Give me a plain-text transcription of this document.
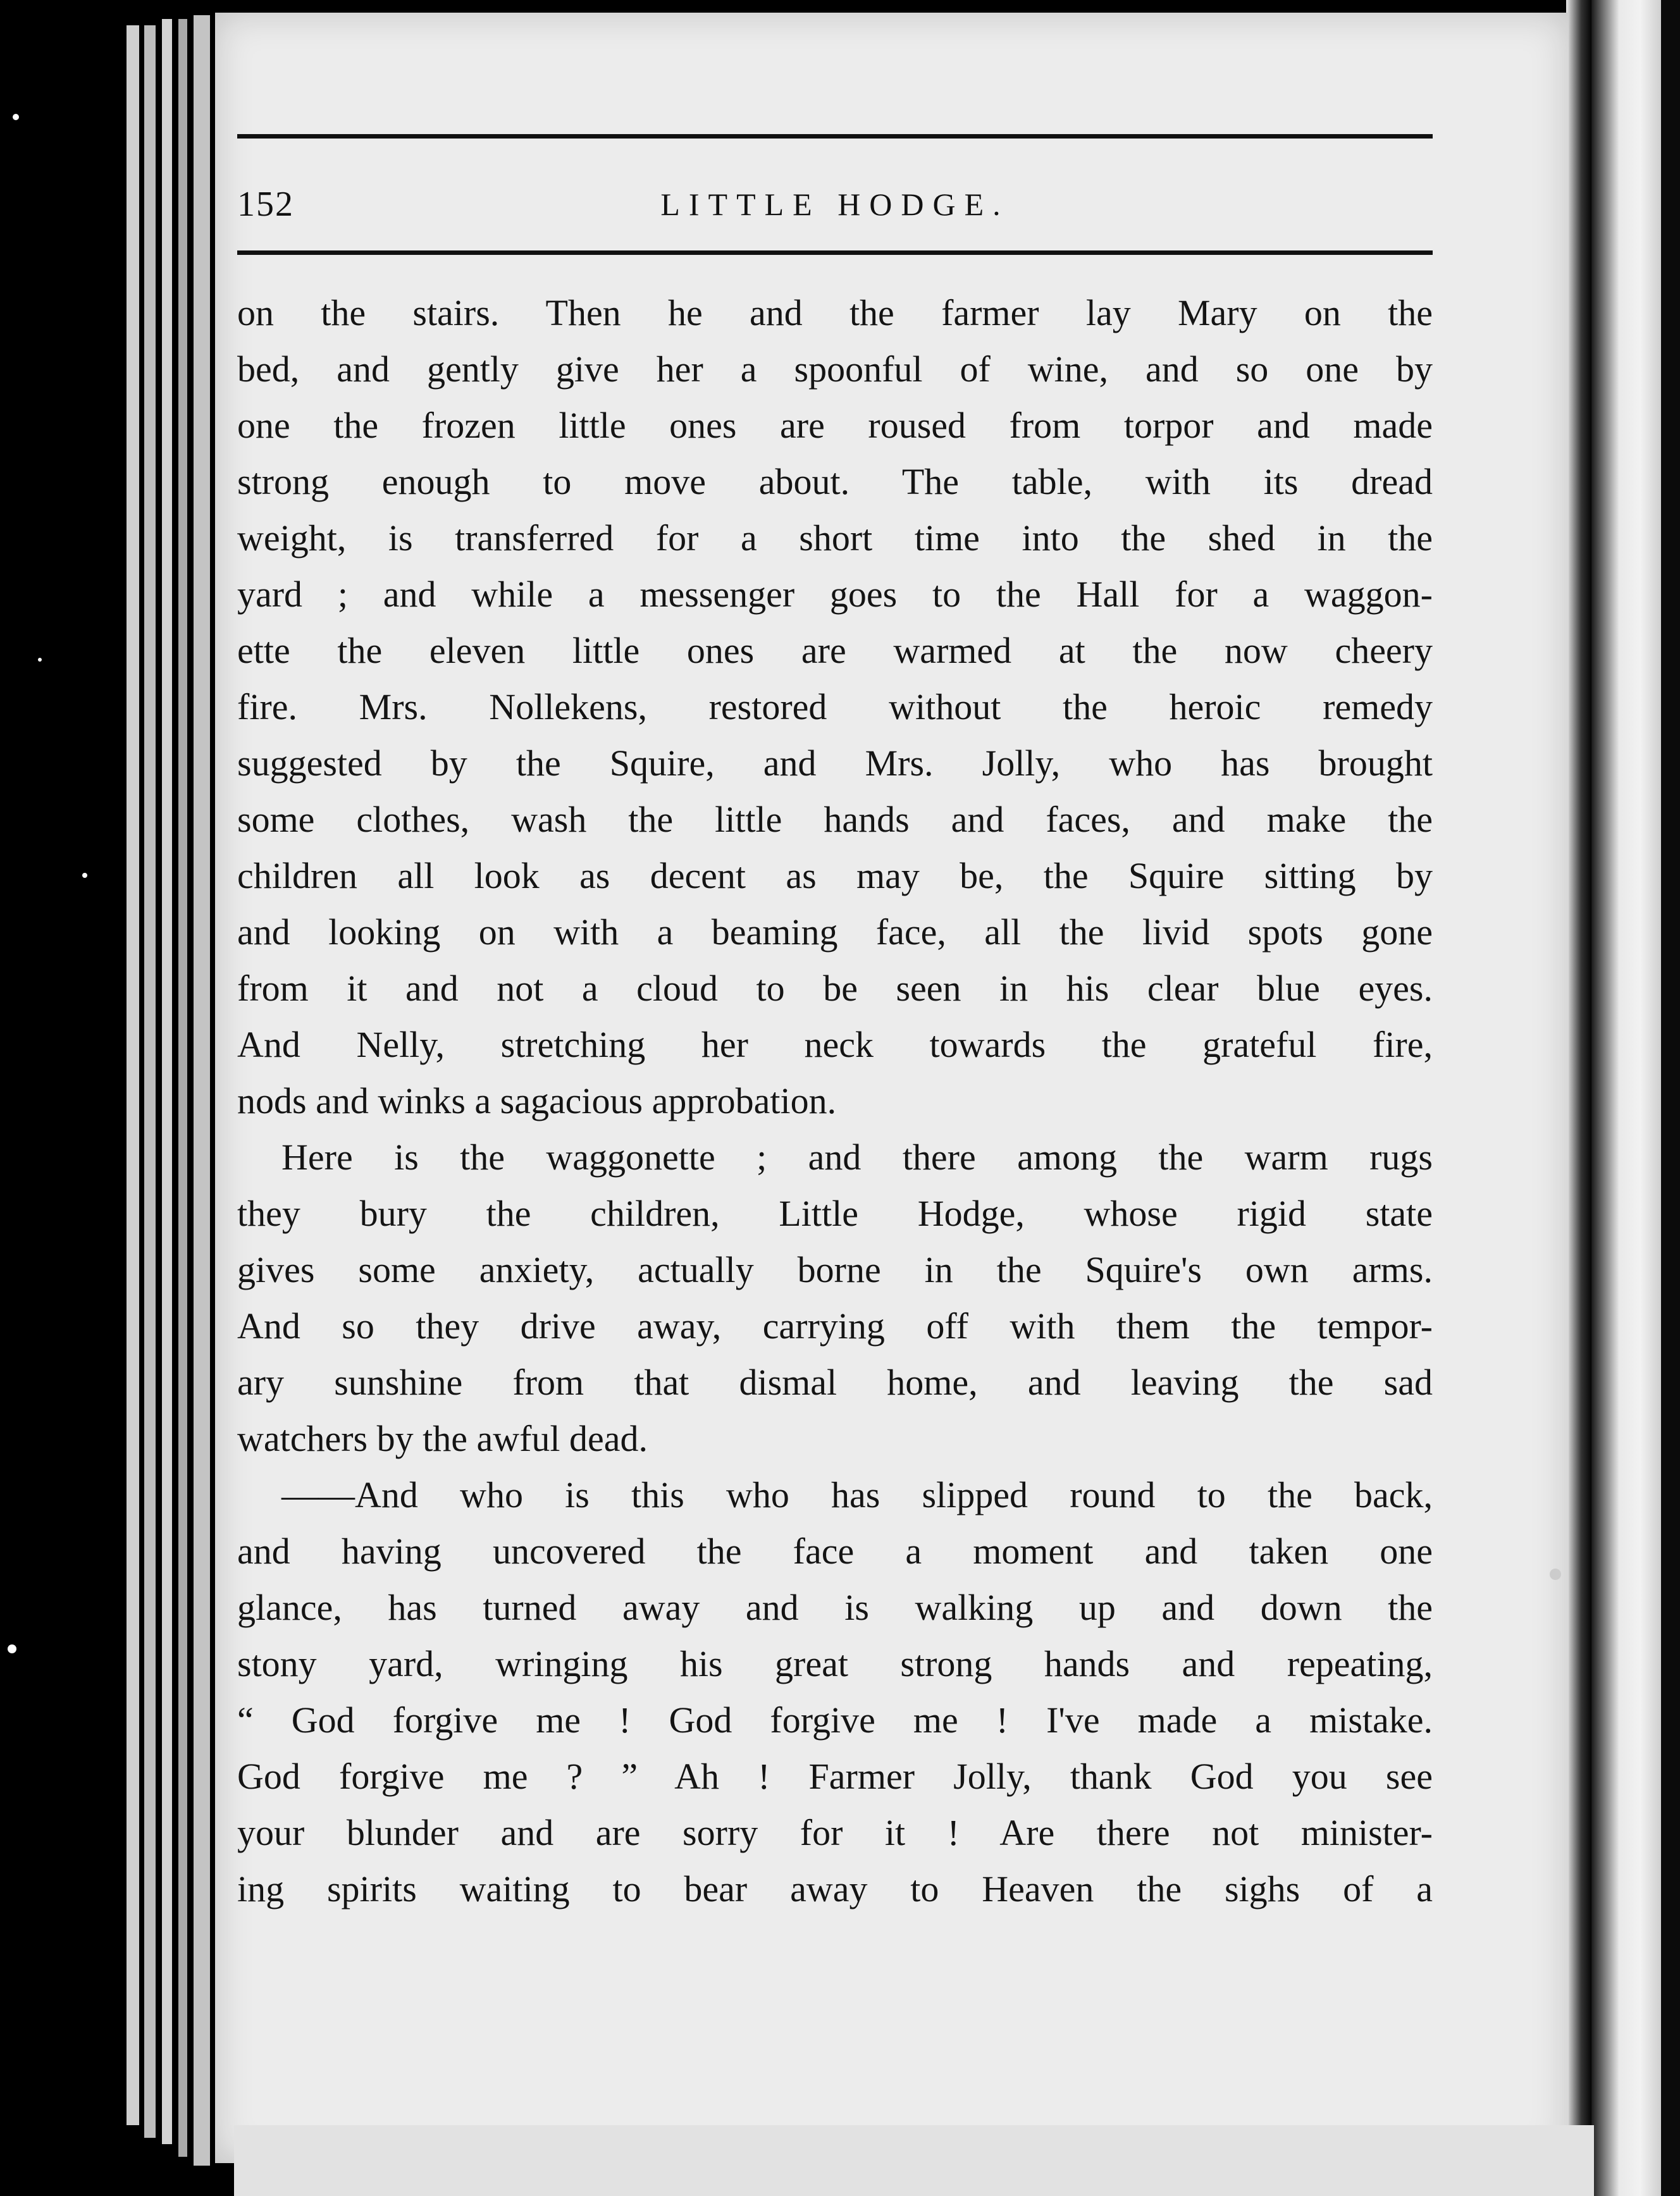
152	LITTLE HODGE.
on the stairs. Then he and the farmer lay Mary on the
bed, and gently give her a spoonful of wine, and so one by
one the frozen little ones are roused from torpor and made
strong enough to move about. The table, with its dread
weight, is transferred for a short time into the shed in the
yard ; and while a messenger goes to the Hall for a waggon-
ette the eleven little ones are warmed at the now cheery
fire. Mrs. Nollekens, restored without the heroic remedy
suggested by the Squire, and Mrs. Jolly, who has brought
some clothes, wash the little hands and faces, and make the
children all look as decent as may be, the Squire sitting by
and looking on with a beaming face, all the livid spots gone
from it and not a cloud to be seen in his clear blue eyes.
And Nelly, stretching her neck towards the grateful fire,
nods and winks a sagacious approbation.
Here is the waggonette ; and there among the warm rugs
they bury the children, Little Hodge, whose rigid state
gives some anxiety, actually borne in the Squire's own arms.
And so they drive away, carrying off with them the tempor-
ary sunshine from that dismal home, and leaving the sad
watchers by the awful dead.
——And who is this who has slipped round to the back,
and having uncovered the face a moment and taken one
glance, has turned away and is walking up and down the
stony yard, wringing his great strong hands and repeating,
“ God forgive me ! God forgive me ! I've made a mistake.
God forgive me ? ” Ah ! Farmer Jolly, thank God you see
your blunder and are sorry for it ! Are there not minister-
ing spirits waiting to bear away to Heaven the sighs of a
